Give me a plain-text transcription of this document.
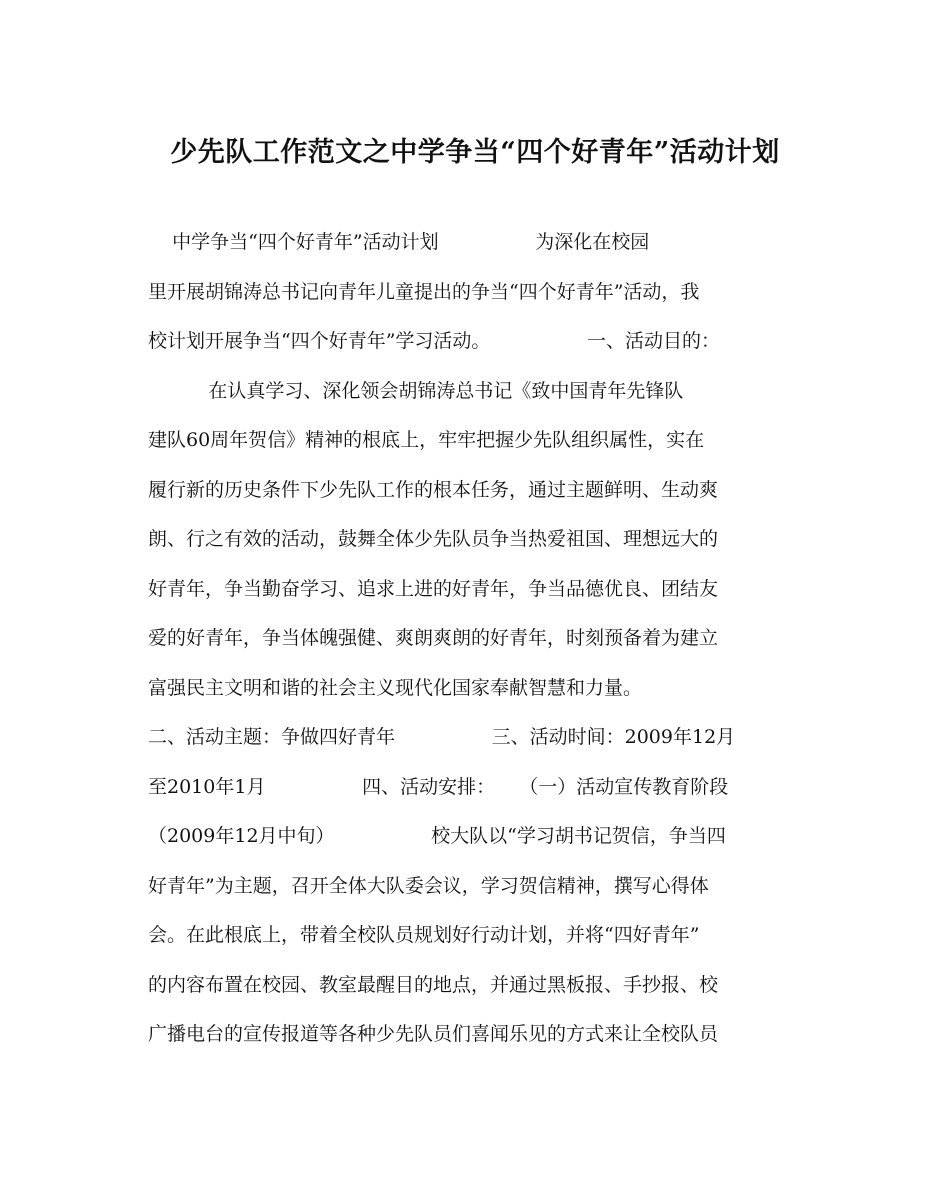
少先队工作范文之中学争当“四个好青年”活动计划
中学争当“四个好青年”活动计划                为深化在校园
里开展胡锦涛总书记向青年儿童提出的争当“四个好青年”活动，我
校计划开展争当“四个好青年”学习活动。                一、活动目的：
在认真学习、深化领会胡锦涛总书记《致中国青年先锋队
建队60周年贺信》精神的根底上，牢牢把握少先队组织属性，实在
履行新的历史条件下少先队工作的根本任务，通过主题鲜明、生动爽
朗、行之有效的活动，鼓舞全体少先队员争当热爱祖国、理想远大的
好青年，争当勤奋学习、追求上进的好青年，争当品德优良、团结友
爱的好青年，争当体魄强健、爽朗爽朗的好青年，时刻预备着为建立
富强民主文明和谐的社会主义现代化国家奉献智慧和力量。
二、活动主题：争做四好青年                三、活动时间：2009年12月
至2010年1月                四、活动安排：    （一）活动宣传教育阶段
（2009年12月中旬）                校大队以“学习胡书记贺信，争当四
好青年”为主题，召开全体大队委会议，学习贺信精神，撰写心得体
会。在此根底上，带着全校队员规划好行动计划，并将“四好青年”
的内容布置在校园、教室最醒目的地点，并通过黑板报、手抄报、校
广播电台的宣传报道等各种少先队员们喜闻乐见的方式来让全校队员
